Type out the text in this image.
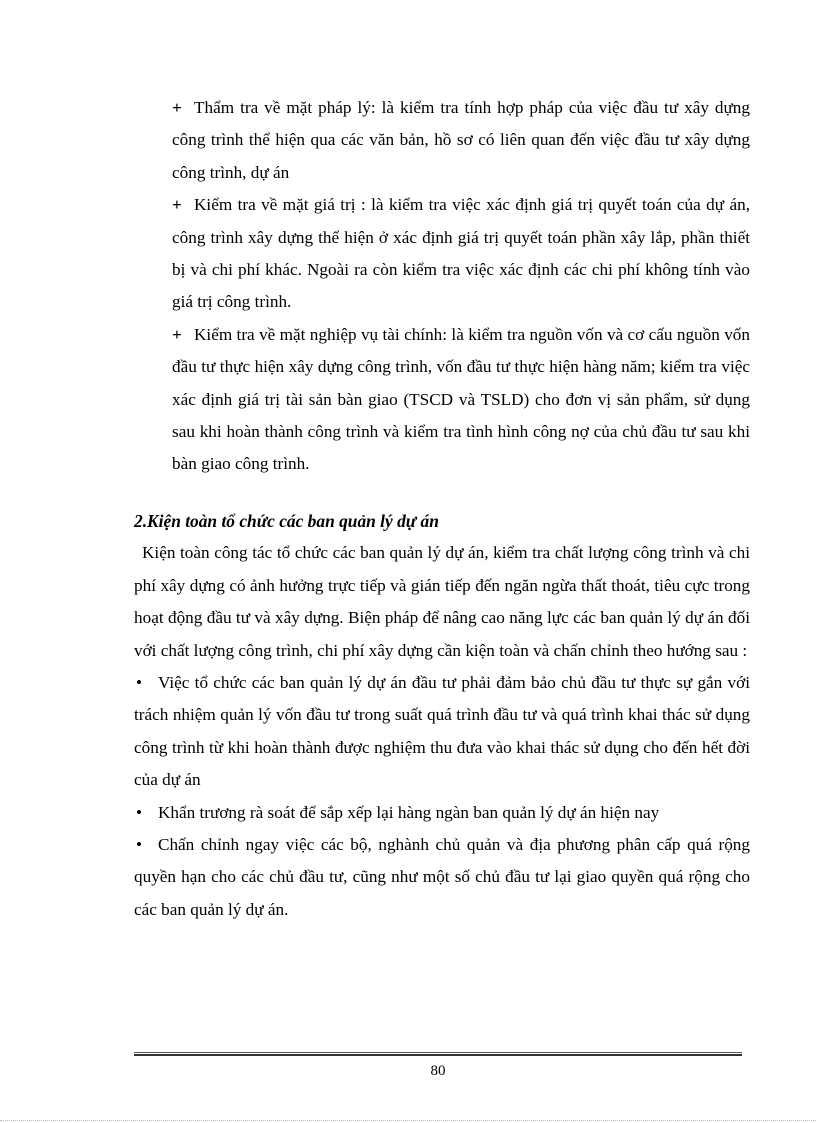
+ Thẩm tra về mặt pháp lý: là kiểm tra tính hợp pháp của việc đầu tư xây dựng công trình thể hiện qua các văn bản, hồ sơ có liên quan đến việc đầu tư xây dựng công trình, dự án

+ Kiểm tra về mặt giá trị : là kiểm tra việc xác định giá trị quyết toán của dự án, công trình xây dựng thể hiện ở xác định giá trị quyết toán phần xây lắp, phần thiết bị và chi phí khác. Ngoài ra còn kiểm tra việc xác định các chi phí không tính vào giá trị công trình.

+ Kiểm tra về mặt nghiệp vụ tài chính: là kiểm tra nguồn vốn và cơ cấu nguồn vốn đầu tư thực hiện xây dựng công trình, vốn đầu tư thực hiện hàng năm; kiểm tra việc xác định giá trị tài sản bàn giao (TSCD và TSLD) cho đơn vị sản phẩm, sử dụng sau khi hoàn thành công trình và kiểm tra tình hình công nợ của chủ đầu tư sau khi bàn giao công trình.

2.Kiện toàn tổ chức các ban quản lý dự án

Kiện toàn công tác tổ chức các ban quản lý dự án, kiểm tra chất lượng công trình và chi phí xây dựng có ảnh hưởng trực tiếp và gián tiếp đến ngăn ngừa thất thoát, tiêu cực trong hoạt động đầu tư và xây dựng. Biện pháp để nâng cao năng lực các ban quản lý dự án đối với chất lượng công trình, chi phí xây dựng cần kiện toàn và chấn chỉnh theo hướng sau :

• Việc tổ chức các ban quản lý dự án đầu tư phải đảm bảo chủ đầu tư thực sự gắn với trách nhiệm quản lý vốn đầu tư trong suất quá trình đầu tư và quá trình khai thác sử dụng công trình từ khi hoàn thành được nghiệm thu đưa vào khai thác sử dụng cho đến hết đời của dự án

• Khẩn trương rà soát để sắp xếp lại hàng ngàn ban quản lý dự án hiện nay

• Chấn chỉnh ngay việc các bộ, nghành chủ quản và địa phương phân cấp quá rộng quyền hạn cho các chủ đầu tư, cũng như một số chủ đầu tư lại giao quyền quá rộng cho các ban quản lý dự án.

80
